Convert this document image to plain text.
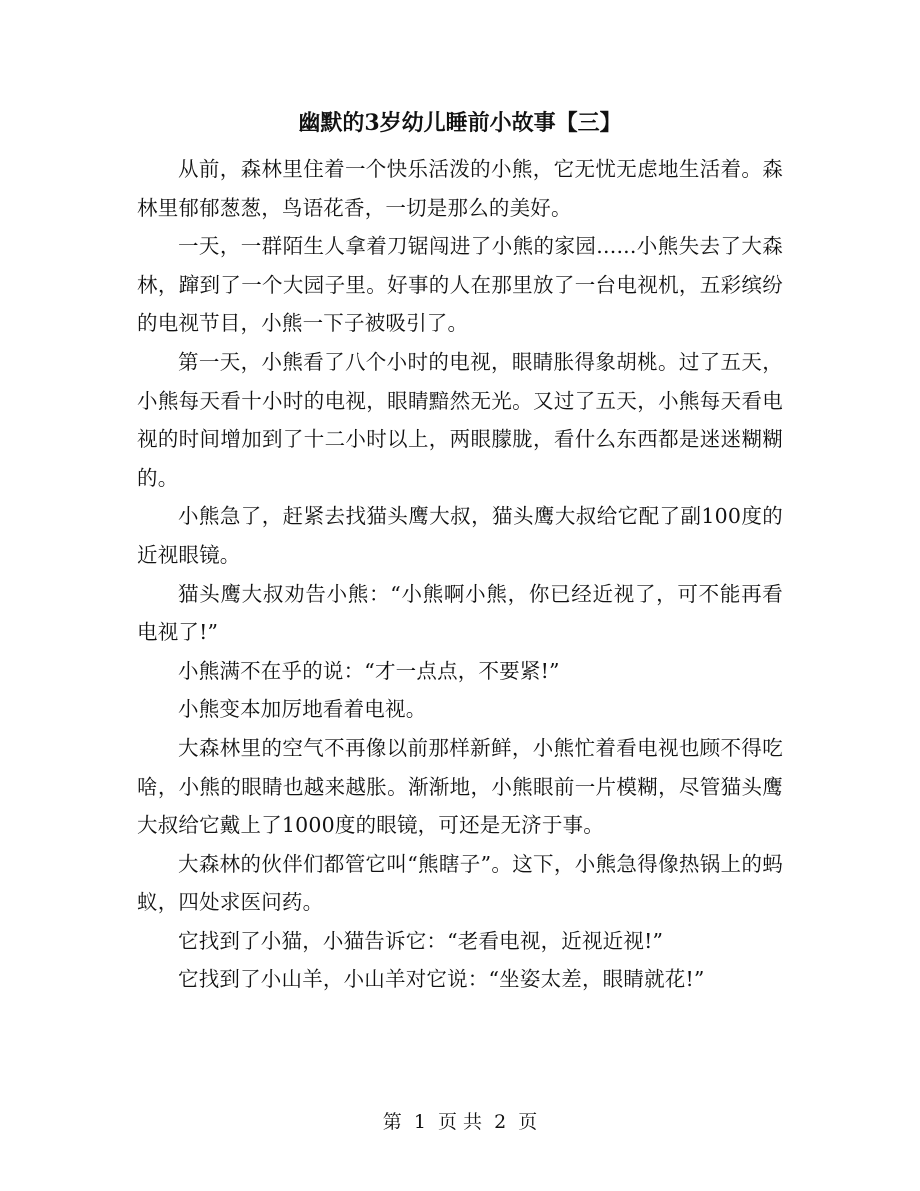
幽默的3岁幼儿睡前小故事【三】

从前，森林里住着一个快乐活泼的小熊，它无忧无虑地生活着。森林里郁郁葱葱，鸟语花香，一切是那么的美好。

一天，一群陌生人拿着刀锯闯进了小熊的家园......小熊失去了大森林，蹿到了一个大园子里。好事的人在那里放了一台电视机，五彩缤纷的电视节目，小熊一下子被吸引了。

第一天，小熊看了八个小时的电视，眼睛胀得象胡桃。过了五天，小熊每天看十小时的电视，眼睛黯然无光。又过了五天，小熊每天看电视的时间增加到了十二小时以上，两眼朦胧，看什么东西都是迷迷糊糊的。

小熊急了，赶紧去找猫头鹰大叔，猫头鹰大叔给它配了副100度的近视眼镜。

猫头鹰大叔劝告小熊：“小熊啊小熊，你已经近视了，可不能再看电视了!”

小熊满不在乎的说：“才一点点，不要紧!”

小熊变本加厉地看着电视。

大森林里的空气不再像以前那样新鲜，小熊忙着看电视也顾不得吃啥，小熊的眼睛也越来越胀。渐渐地，小熊眼前一片模糊，尽管猫头鹰大叔给它戴上了1000度的眼镜，可还是无济于事。

大森林的伙伴们都管它叫“熊瞎子”。这下，小熊急得像热锅上的蚂蚁，四处求医问药。

它找到了小猫，小猫告诉它：“老看电视，近视近视!”

它找到了小山羊，小山羊对它说：“坐姿太差，眼睛就花!”

第 1 页 共 2 页
